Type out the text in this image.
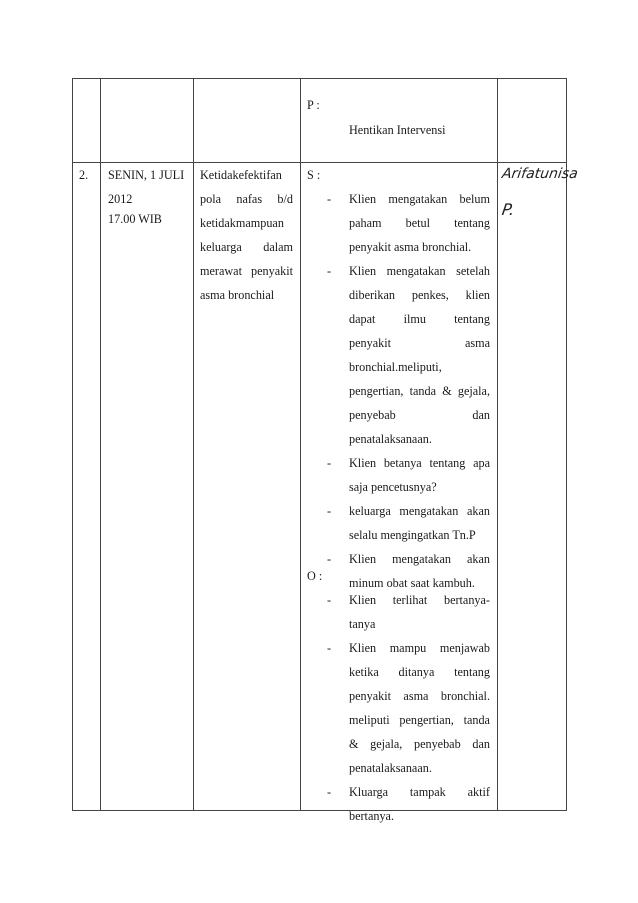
P :
Hentikan Intervensi
2. SENIN, 1 JULI
2012
17.00 WIB
S :
O :
Arifatunisa
P.
Ketidakefektifan
pola nafas b/d
ketidakmampuan
keluarga dalam
merawat penyakit
asma bronchial
- Klien mengatakan belum
paham betul tentang
penyakit asma bronchial.
- Klien mengatakan setelah
diberikan penkes, klien
dapat ilmu tentang
penyakit	asma
bronchial.meliputi,
pengertian, tanda & gejala,
penyebab	dan
penatalaksanaan.
- Klien betanya tentang apa
saja pencetusnya?
- keluarga mengatakan akan
selalu mengingatkan Tn.P
- Klien mengatakan akan
minum obat saat kambuh.
- Klien terlihat bertanya-
tanya
- Klien mampu menjawab
ketika ditanya tentang
penyakit asma bronchial.
meliputi pengertian, tanda
& gejala, penyebab dan
penatalaksanaan.
- Kluarga tampak aktif
bertanya.
